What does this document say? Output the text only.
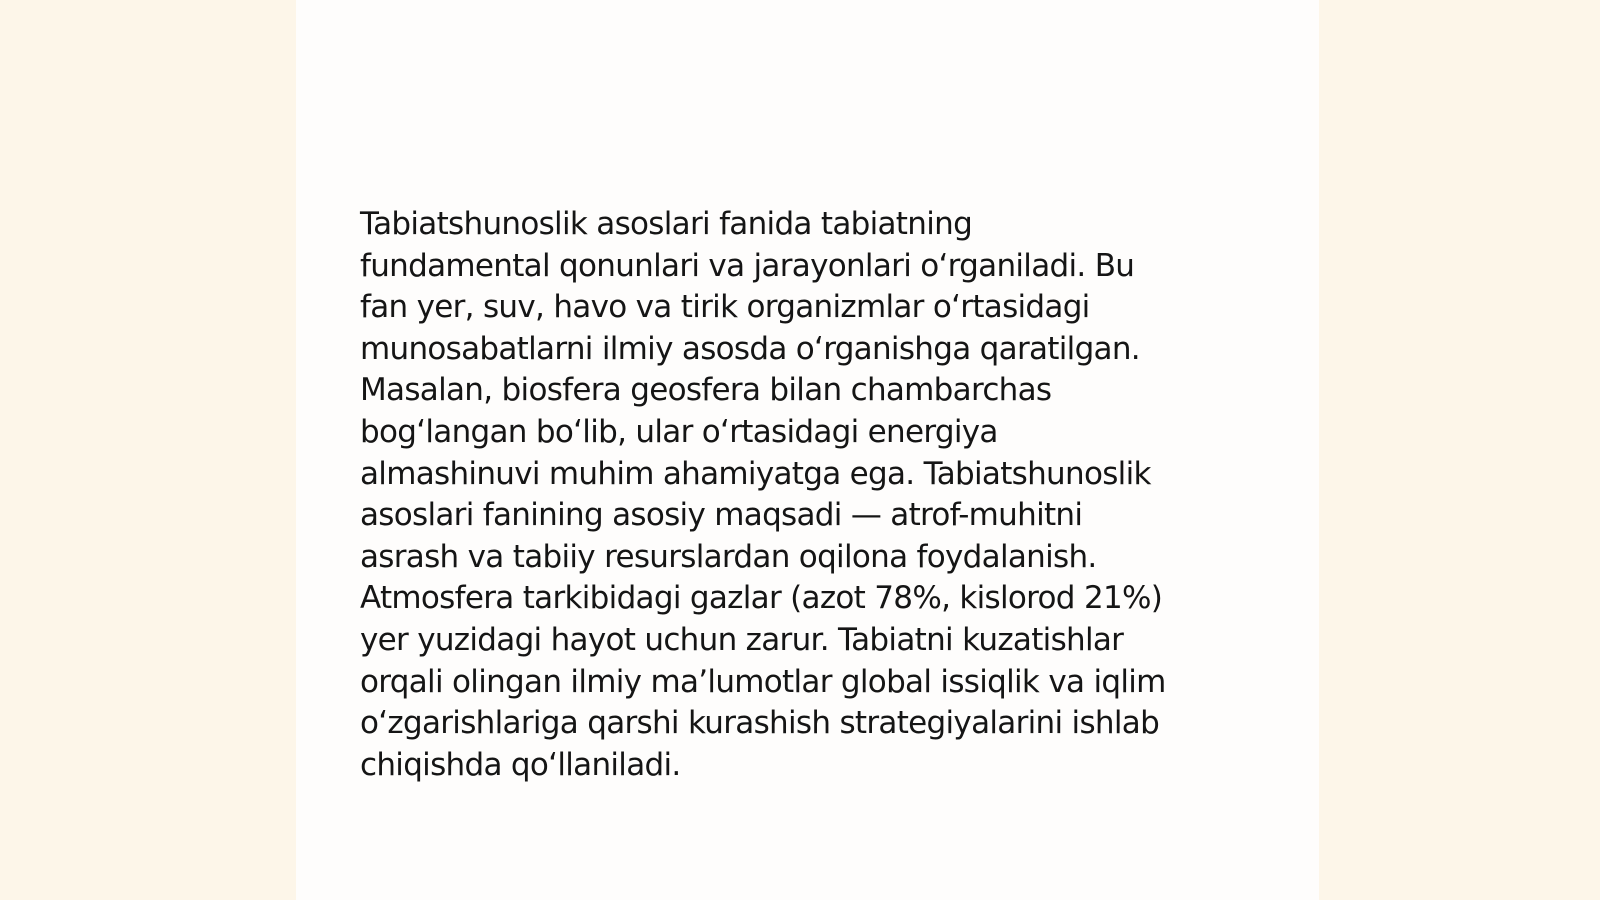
Tabiatshunoslik asoslari fanida tabiatning
fundamental qonunlari va jarayonlari oʻrganiladi. Bu
fan yer, suv, havo va tirik organizmlar oʻrtasidagi
munosabatlarni ilmiy asosda oʻrganishga qaratilgan.
Masalan, biosfera geosfera bilan chambarchas
bogʻlangan boʻlib, ular oʻrtasidagi energiya
almashinuvi muhim ahamiyatga ega. Tabiatshunoslik
asoslari fanining asosiy maqsadi — atrof-muhitni
asrash va tabiiy resurslardan oqilona foydalanish.
Atmosfera tarkibidagi gazlar (azot 78%, kislorod 21%)
yer yuzidagi hayot uchun zarur. Tabiatni kuzatishlar
orqali olingan ilmiy maʼlumotlar global issiqlik va iqlim
oʻzgarishlariga qarshi kurashish strategiyalarini ishlab
chiqishda qoʻllaniladi.
